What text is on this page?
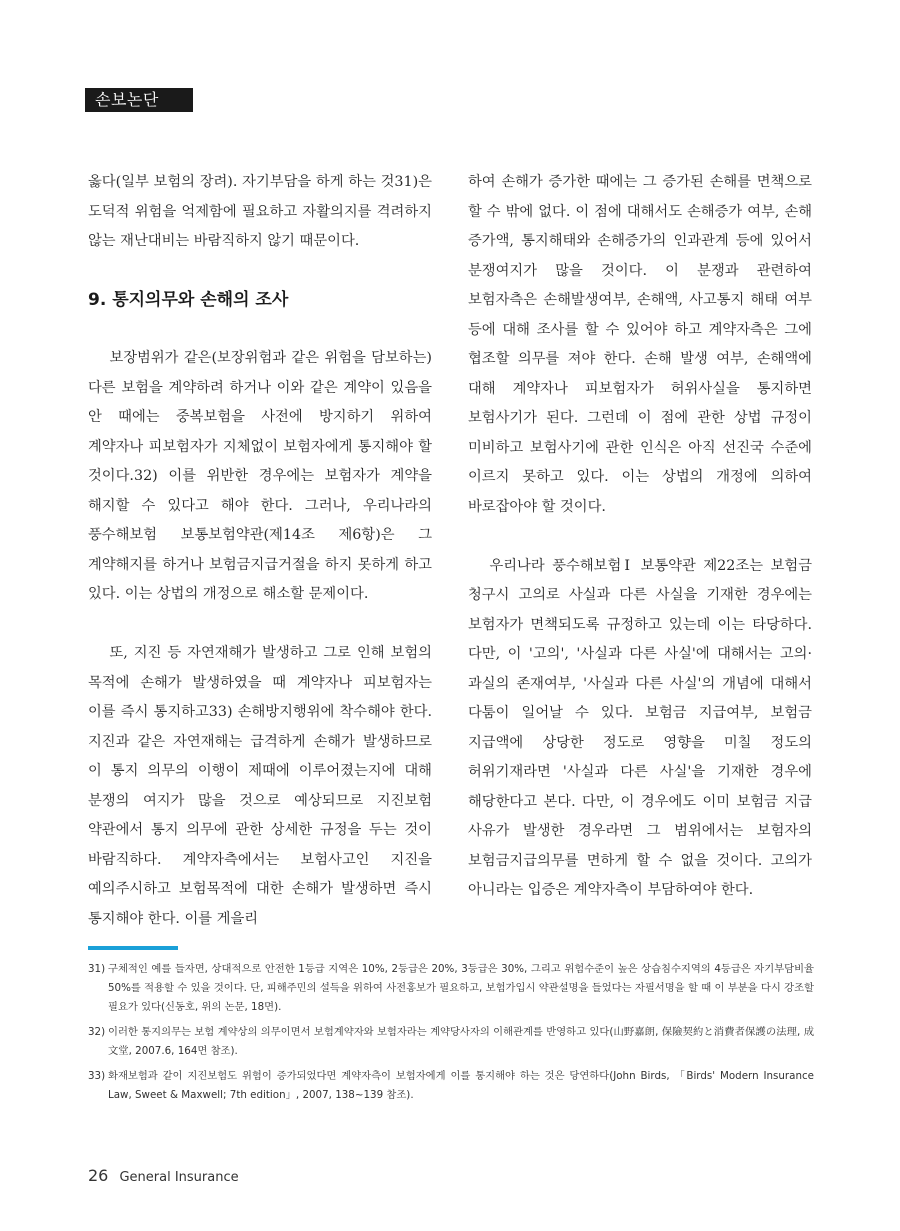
손보논단

옳다(일부 보험의 장려). 자기부담을 하게 하는 것31)은 도덕적 위험을 억제함에 필요하고 자활의지를 격려하지 않는 재난대비는 바람직하지 않기 때문이다.

9. 통지의무와 손해의 조사

보장범위가 같은(보장위험과 같은 위험을 담보하는) 다른 보험을 계약하려 하거나 이와 같은 계약이 있음을 안 때에는 중복보험을 사전에 방지하기 위하여 계약자나 피보험자가 지체없이 보험자에게 통지해야 할 것이다.32) 이를 위반한 경우에는 보험자가 계약을 해지할 수 있다고 해야 한다. 그러나, 우리나라의 풍수해보험 보통보험약관(제14조 제6항)은 그 계약해지를 하거나 보험금지급거절을 하지 못하게 하고 있다. 이는 상법의 개정으로 해소할 문제이다.

또, 지진 등 자연재해가 발생하고 그로 인해 보험의 목적에 손해가 발생하였을 때 계약자나 피보험자는 이를 즉시 통지하고33) 손해방지행위에 착수해야 한다. 지진과 같은 자연재해는 급격하게 손해가 발생하므로 이 통지 의무의 이행이 제때에 이루어졌는지에 대해 분쟁의 여지가 많을 것으로 예상되므로 지진보험 약관에서 통지 의무에 관한 상세한 규정을 두는 것이 바람직하다. 계약자측에서는 보험사고인 지진을 예의주시하고 보험목적에 대한 손해가 발생하면 즉시 통지해야 한다. 이를 게을리

하여 손해가 증가한 때에는 그 증가된 손해를 면책으로 할 수 밖에 없다. 이 점에 대해서도 손해증가 여부, 손해 증가액, 통지해태와 손해증가의 인과관계 등에 있어서 분쟁여지가 많을 것이다. 이 분쟁과 관련하여 보험자측은 손해발생여부, 손해액, 사고통지 해태 여부 등에 대해 조사를 할 수 있어야 하고 계약자측은 그에 협조할 의무를 져야 한다. 손해 발생 여부, 손해액에 대해 계약자나 피보험자가 허위사실을 통지하면 보험사기가 된다. 그런데 이 점에 관한 상법 규정이 미비하고 보험사기에 관한 인식은 아직 선진국 수준에 이르지 못하고 있다. 이는 상법의 개정에 의하여 바로잡아야 할 것이다.

우리나라 풍수해보험Ⅰ 보통약관 제22조는 보험금 청구시 고의로 사실과 다른 사실을 기재한 경우에는 보험자가 면책되도록 규정하고 있는데 이는 타당하다. 다만, 이 '고의', '사실과 다른 사실'에 대해서는 고의·과실의 존재여부, '사실과 다른 사실'의 개념에 대해서 다툼이 일어날 수 있다. 보험금 지급여부, 보험금 지급액에 상당한 정도로 영향을 미칠 정도의 허위기재라면 '사실과 다른 사실'을 기재한 경우에 해당한다고 본다. 다만, 이 경우에도 이미 보험금 지급 사유가 발생한 경우라면 그 범위에서는 보험자의 보험금지급의무를 면하게 할 수 없을 것이다. 고의가 아니라는 입증은 계약자측이 부담하여야 한다.

31) 구체적인 예를 들자면, 상대적으로 안전한 1등급 지역은 10%, 2등급은 20%, 3등급은 30%, 그리고 위험수준이 높은 상습침수지역의 4등급은 자기부담비율 50%를 적용할 수 있을 것이다. 단, 피해주민의 설득을 위하여 사전홍보가 필요하고, 보험가입시 약관설명을 들었다는 자필서명을 할 때 이 부분을 다시 강조할 필요가 있다(신동호, 위의 논문, 18면).
32) 이러한 통지의무는 보험 계약상의 의무이면서 보험계약자와 보험자라는 계약당사자의 이해관계를 반영하고 있다(山野嘉朗, 保險契約と消費者保護の法理, 成文堂, 2007.6, 164면 참조).
33) 화재보험과 같이 지진보험도 위험이 증가되었다면 계약자측이 보험자에게 이를 통지해야 하는 것은 당연하다(John Birds, 「Birds' Modern Insurance Law, Sweet & Maxwell; 7th edition」, 2007, 138~139 참조).
26 General Insurance
